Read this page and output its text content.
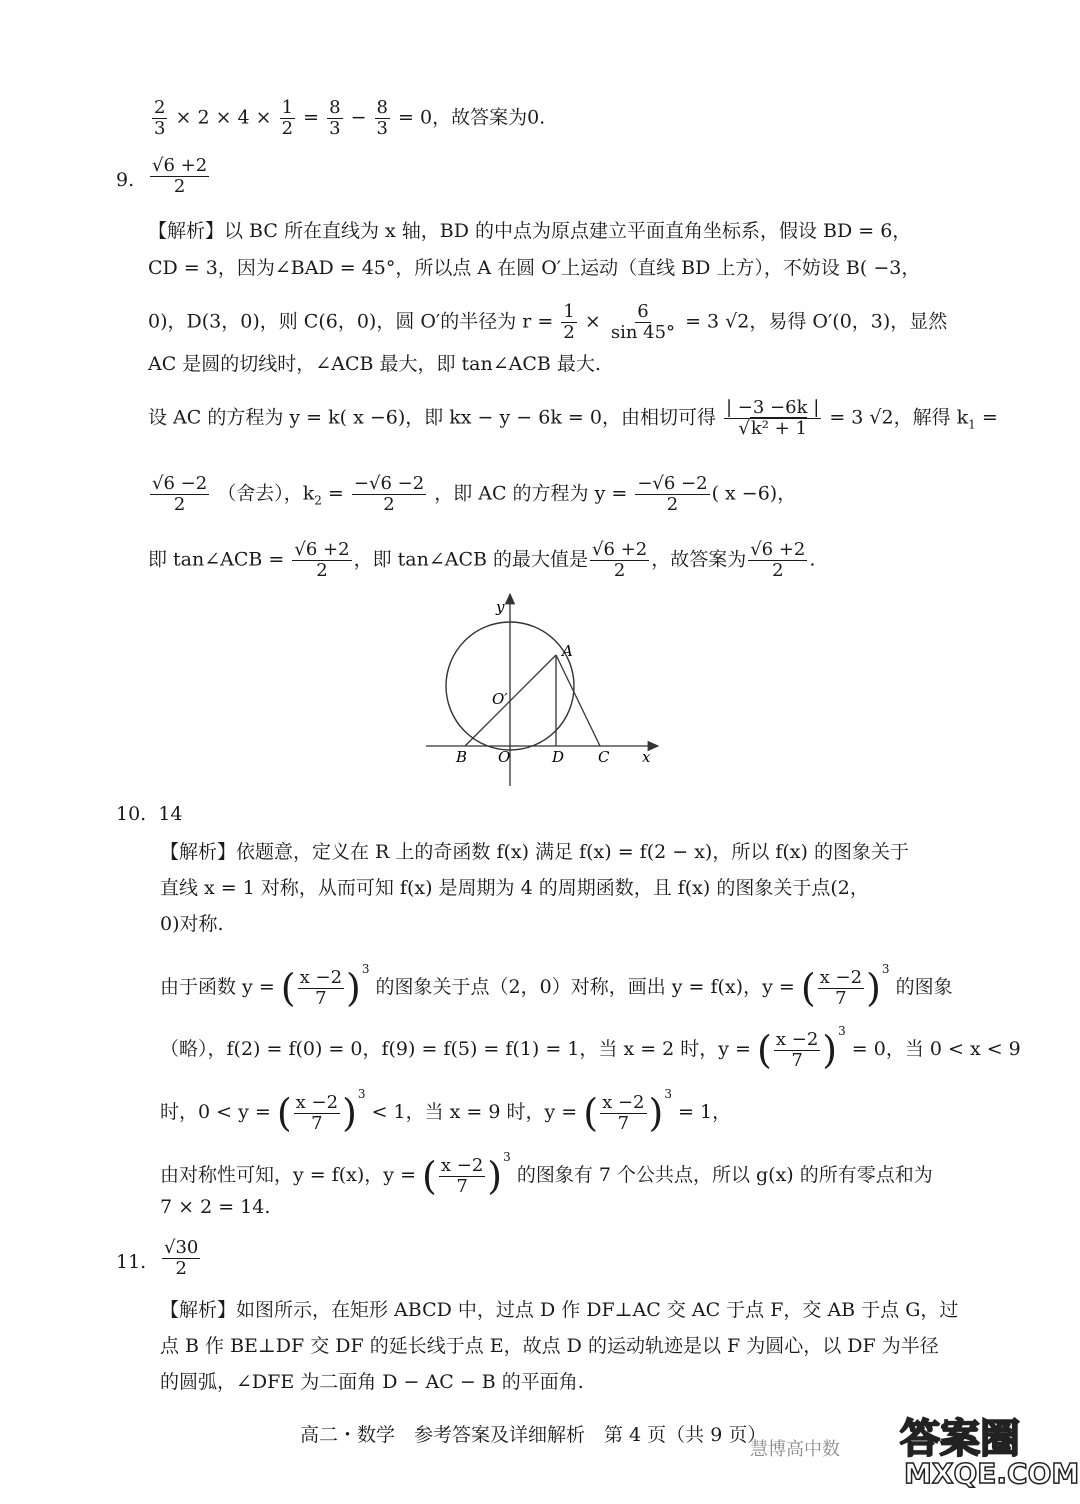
$\frac{2}{3} \times 2 \times 4 \times \frac{1}{2} = \frac{8}{3} - \frac{8}{3} = 0$，故答案为0.
9. $\frac{√6 +2}{2}$
【解析】以 BC 所在直线为 x 轴，BD 的中点为原点建立平面直角坐标系，假设 BD = 6，
CD = 3，因为∠BAD = 45°，所以点 A 在圆 O′上运动（直线 BD 上方），不妨设 B( −3，
0)，D(3，0)，则 C(6，0)，圆 O′的半径为 $r = \frac{1}{2} \times \frac{6}{\sin 45^\circ} = 3$ √2，易得 O′(0，3)，显然
AC 是圆的切线时，∠ACB 最大，即 tan∠ACB 最大.
设 AC 的方程为 y = k( x −6)，即 kx − y − 6k = 0，由相切可得 $\frac{| -3 -6k |}{\text{√k² + 1}} = 3$ √2，解得 $k_1$ =
$\frac{√6 -2}{2}$ （舍去），$k_2 = \frac{-√6 -2}{2}$ ，即 AC 的方程为 $y = \frac{-√6 -2}{2}$ ( x −6)，
即 tan∠ACB = $\frac{√6 +2}{2}$ ，即 tan∠ACB 的最大值是 $\frac{√6 +2}{2}$ ，故答案为 $\frac{√6 +2}{2}$ .
y
A
O′
B O	D C x
10. 14
【解析】依题意，定义在 R 上的奇函数 f(x) 满足 f(x) = f(2 − x)，所以 f(x) 的图象关于
直线 x = 1 对称，从而可知 f(x) 是周期为 4 的周期函数，且 f(x) 的图象关于点(2，
0)对称.
由于函数 y = ( $\frac{x -2}{7} )^3$ 的图象关于点（2，0）对称，画出 y = f(x)，y = ( $\frac{x -2}{7} )^3$ 的图象
（略），f(2) = f(0) = 0，f(9) = f(5) = f(1) = 1，当 x = 2 时，y = ( $\frac{x -2}{7} )^3 = 0$，当 0 < x < 9
时，0 < y = ( $\frac{x -2}{7} )^3 < 1$，当 x = 9 时，y = ( $\frac{x -2}{7} )^3 = 1$，
由对称性可知，y = f(x)，y = ( $\frac{x -2}{7} )^3$ 的图象有 7 个公共点，所以 g(x) 的所有零点和为
7 × 2 = 14.
11. $\frac{√30}{2}$
【解析】如图所示，在矩形 ABCD 中，过点 D 作 DF⊥AC 交 AC 于点 F，交 AB 于点 G，过
点 B 作 BE⊥DF 交 DF 的延长线于点 E，故点 D 的运动轨迹是以 F 为圆心，以 DF 为半径
的圆弧，∠DFE 为二面角 D − AC − B 的平面角.
高二・数学　参考答案及详细解析　第 4 页（共 9 页）
慧博高中数 答案圈
MXQE.COM
